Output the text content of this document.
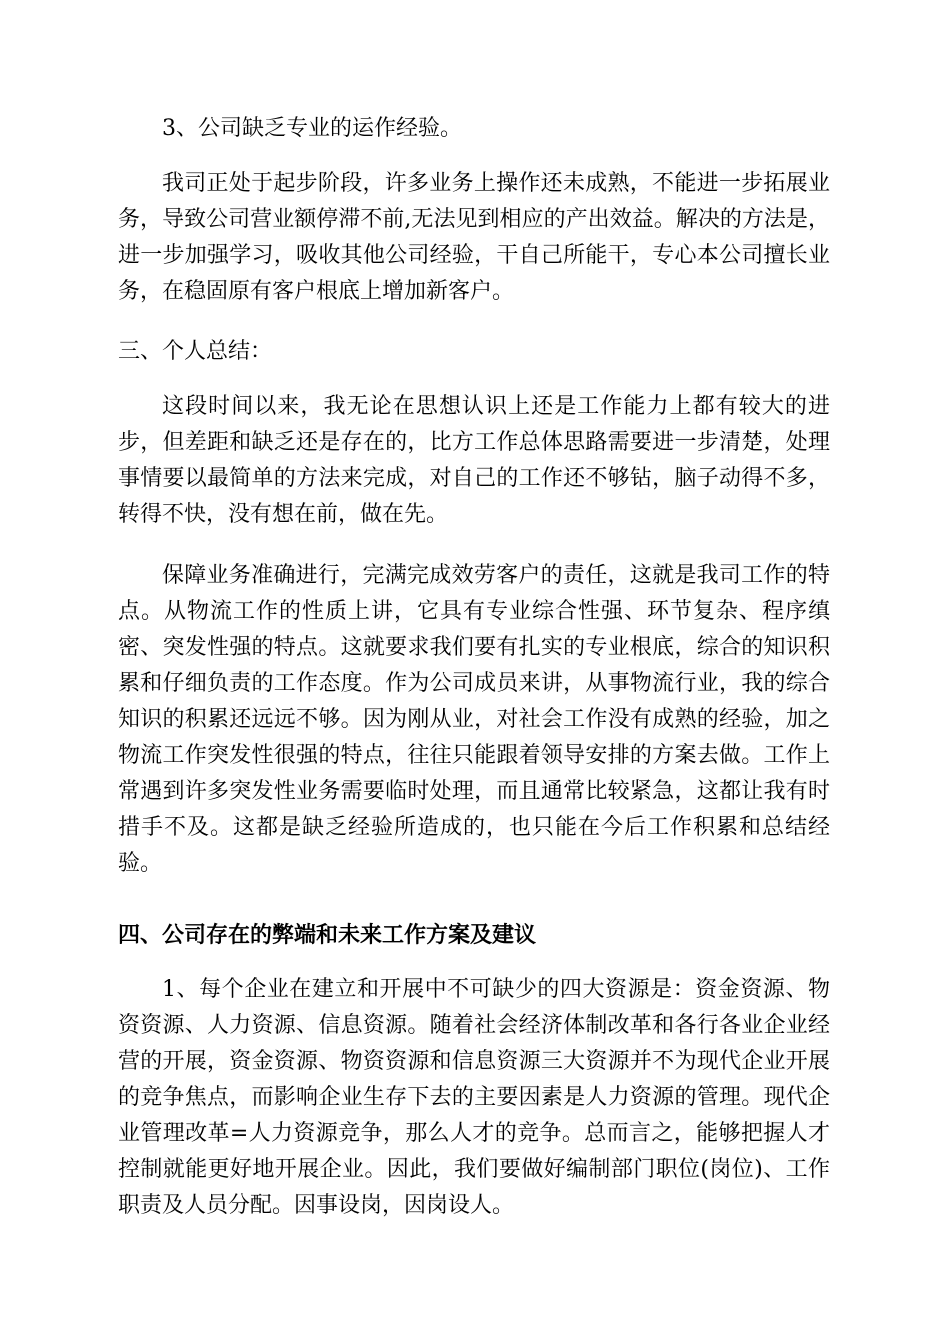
3、公司缺乏专业的运作经验。

我司正处于起步阶段，许多业务上操作还未成熟，不能进一步拓展业务，导致公司营业额停滞不前,无法见到相应的产出效益。解决的方法是，进一步加强学习，吸收其他公司经验，干自己所能干，专心本公司擅长业务，在稳固原有客户根底上增加新客户。

三、个人总结：

这段时间以来，我无论在思想认识上还是工作能力上都有较大的进步，但差距和缺乏还是存在的，比方工作总体思路需要进一步清楚，处理事情要以最简单的方法来完成，对自己的工作还不够钻，脑子动得不多，转得不快，没有想在前，做在先。

保障业务准确进行，完满完成效劳客户的责任，这就是我司工作的特点。从物流工作的性质上讲，它具有专业综合性强、环节复杂、程序缜密、突发性强的特点。这就要求我们要有扎实的专业根底，综合的知识积累和仔细负责的工作态度。作为公司成员来讲，从事物流行业，我的综合知识的积累还远远不够。因为刚从业，对社会工作没有成熟的经验，加之物流工作突发性很强的特点，往往只能跟着领导安排的方案去做。工作上常遇到许多突发性业务需要临时处理，而且通常比较紧急，这都让我有时措手不及。这都是缺乏经验所造成的，也只能在今后工作积累和总结经验。

四、公司存在的弊端和未来工作方案及建议

1、每个企业在建立和开展中不可缺少的四大资源是：资金资源、物资资源、人力资源、信息资源。随着社会经济体制改革和各行各业企业经营的开展，资金资源、物资资源和信息资源三大资源并不为现代企业开展的竞争焦点，而影响企业生存下去的主要因素是人力资源的管理。现代企业管理改革=人力资源竞争，那么人才的竞争。总而言之，能够把握人才控制就能更好地开展企业。因此，我们要做好编制部门职位(岗位)、工作职责及人员分配。因事设岗，因岗设人。
